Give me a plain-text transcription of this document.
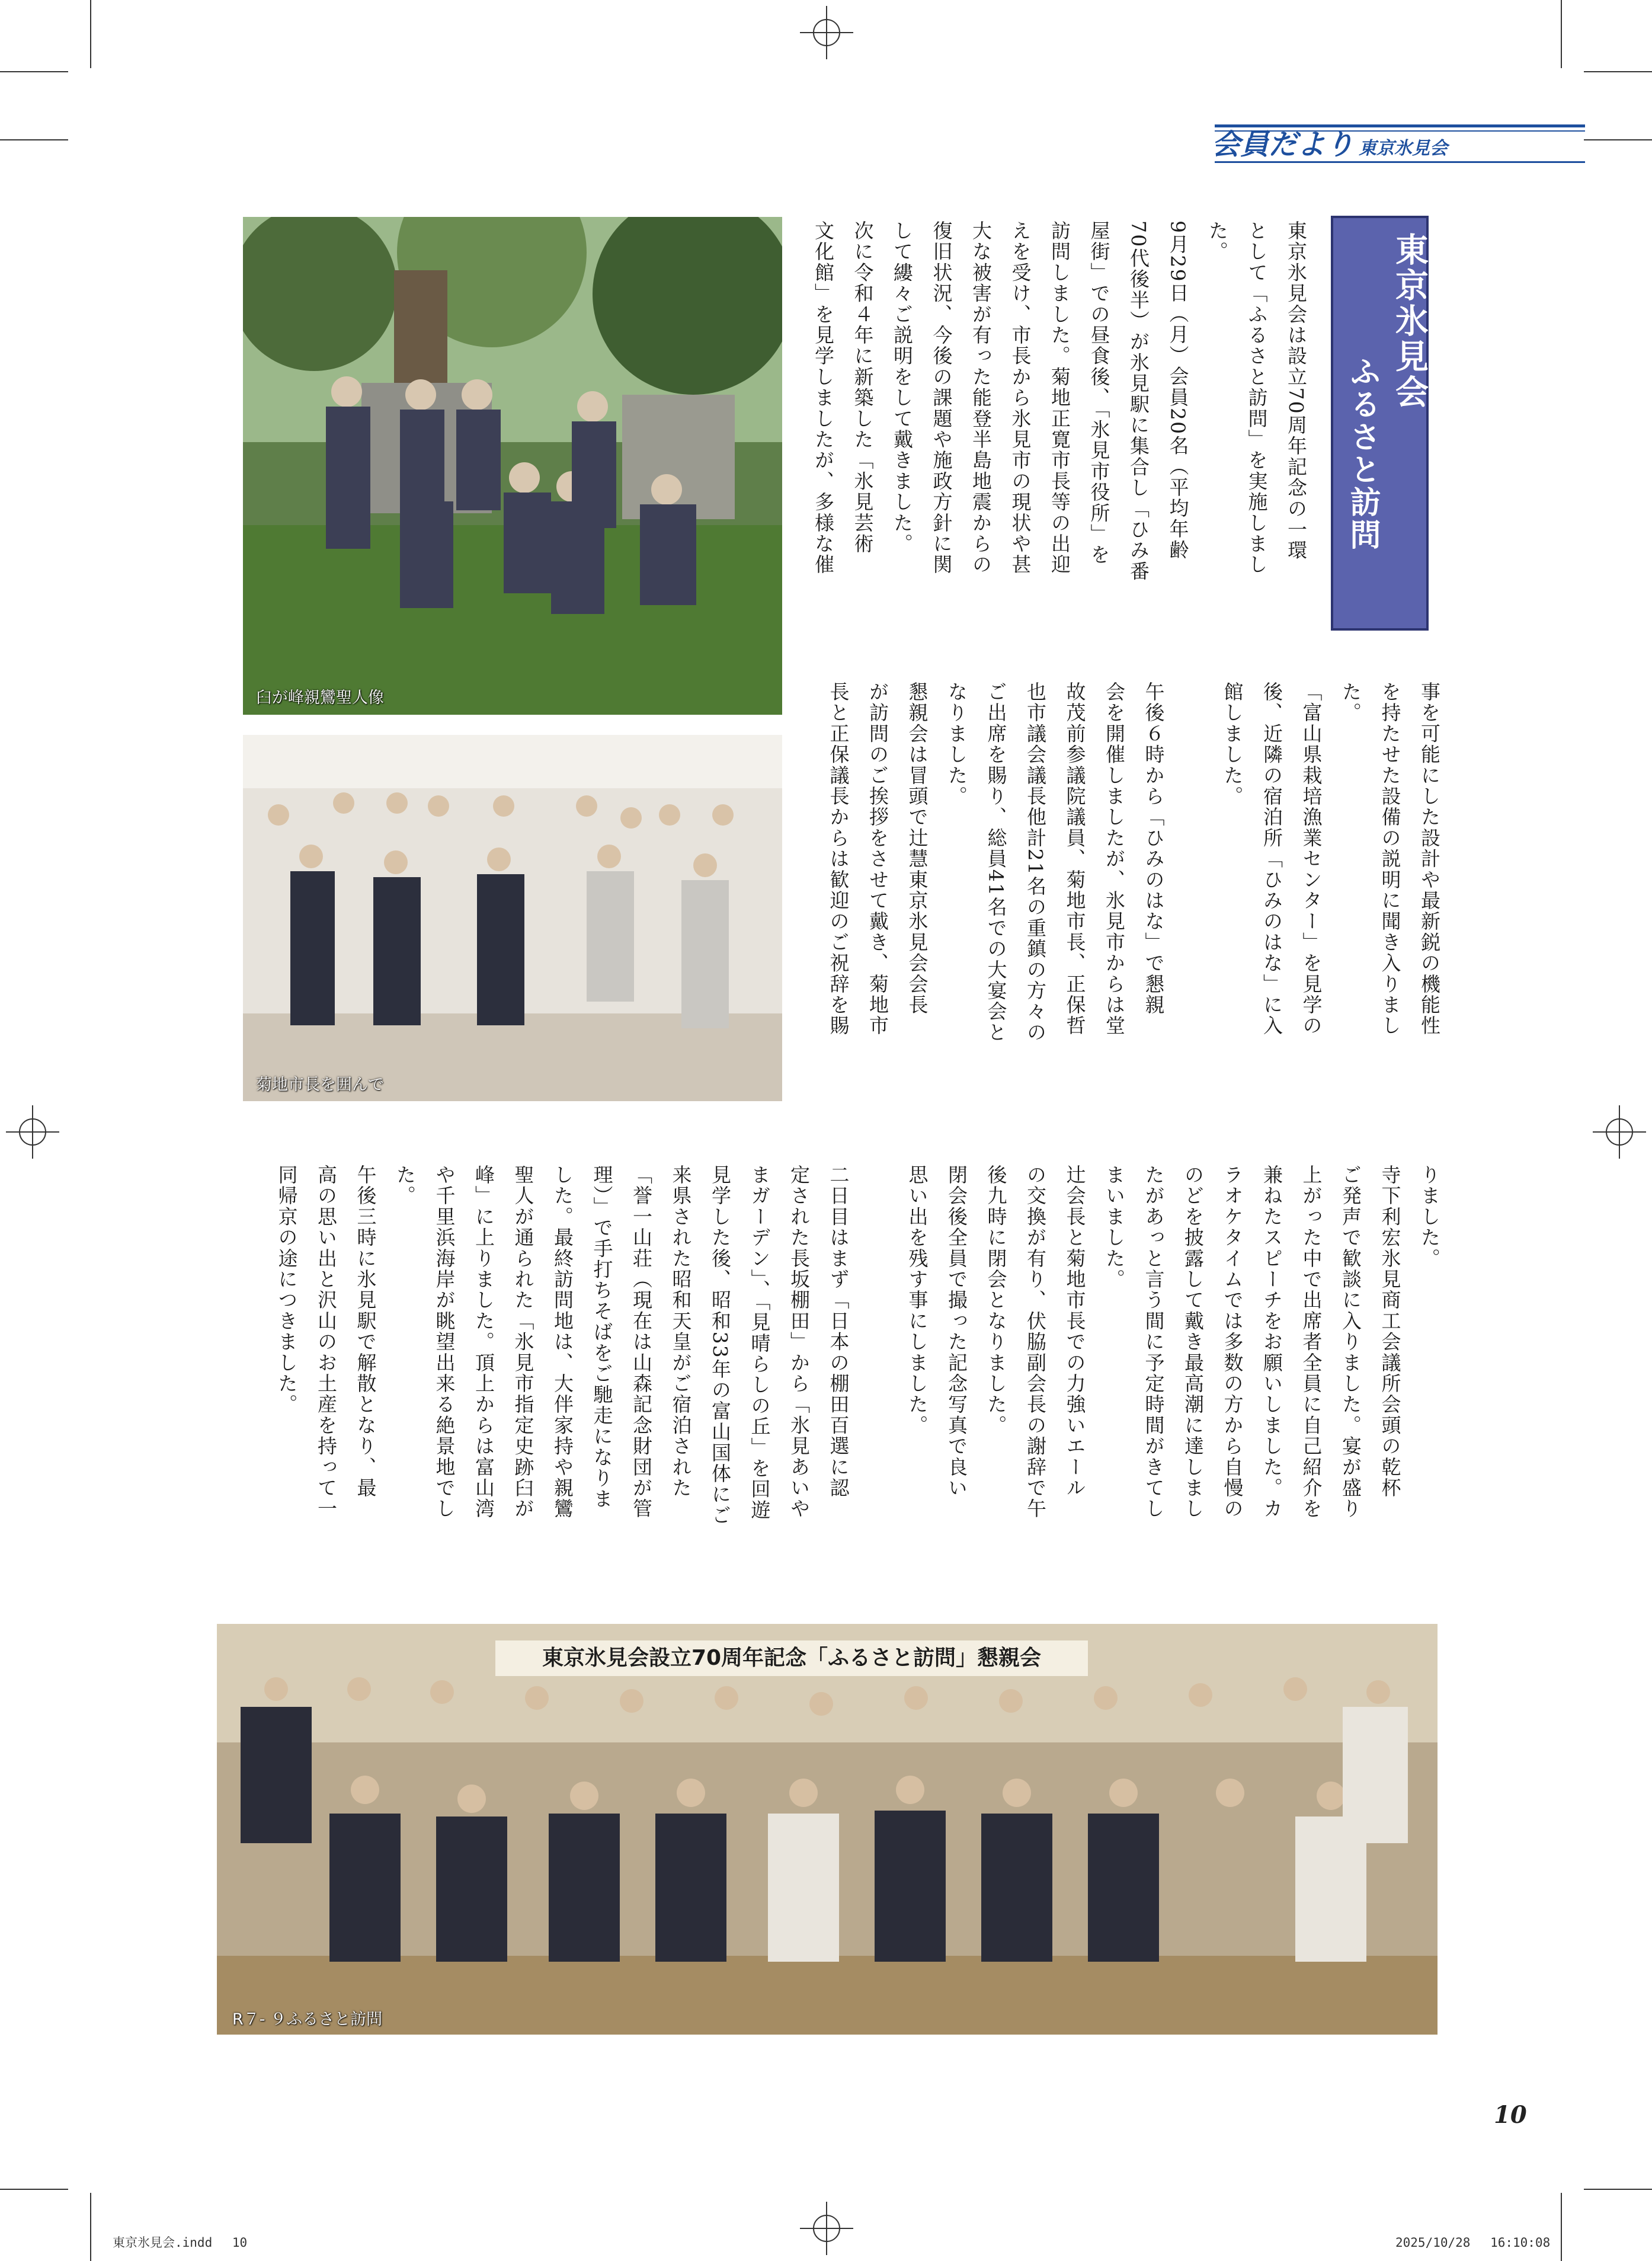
会員だより 東京氷見会
東京氷見会
ふるさと訪問
東京氷見会は設立70周年記念の一環
として「ふるさと訪問」を実施しまし
た。
9月29日（月）会員20名（平均年齢
70代後半）が氷見駅に集合し「ひみ番
屋街」での昼食後、「氷見市役所」を
訪問しました。菊地正寛市長等の出迎
えを受け、市長から氷見市の現状や甚
大な被害が有った能登半島地震からの
復旧状況、今後の課題や施政方針に関
して縷々ご説明をして戴きました。
次に令和４年に新築した「氷見芸術
文化館」を見学しましたが、多様な催
事を可能にした設計や最新鋭の機能性
を持たせた設備の説明に聞き入りまし
た。
「富山県栽培漁業センター」を見学の
後、近隣の宿泊所「ひみのはな」に入
館しました。

午後６時から「ひみのはな」で懇親
会を開催しましたが、氷見市からは堂
故茂前参議院議員、菊地市長、正保哲
也市議会議長他計21名の重鎮の方々の
ご出席を賜り、総員41名での大宴会と
なりました。
懇親会は冒頭で辻慧東京氷見会会長
が訪問のご挨拶をさせて戴き、菊地市
長と正保議長からは歓迎のご祝辞を賜
りました。
寺下利宏氷見商工会議所会頭の乾杯
ご発声で歓談に入りました。宴が盛り
上がった中で出席者全員に自己紹介を
兼ねたスピーチをお願いしました。カ
ラオケタイムでは多数の方から自慢の
のどを披露して戴き最高潮に達しまし
たがあっと言う間に予定時間がきてし
まいました。
辻会長と菊地市長での力強いエール
の交換が有り、伏脇副会長の謝辞で午
後九時に閉会となりました。
閉会後全員で撮った記念写真で良い
思い出を残す事にしました。

二日目はまず「日本の棚田百選に認
定された長坂棚田」から「氷見あいや
まガーデン」、「見晴らしの丘」を回遊
見学した後、昭和33年の富山国体にご
来県された昭和天皇がご宿泊された
「誉一山荘（現在は山森記念財団が管
理）」で手打ちそばをご馳走になりま
した。最終訪問地は、大伴家持や親鸞
聖人が通られた「氷見市指定史跡臼が
峰」に上りました。頂上からは富山湾
や千里浜海岸が眺望出来る絶景地でし
た。
午後三時に氷見駅で解散となり、最
高の思い出と沢山のお土産を持って一
同帰京の途につきました。
臼が峰親鸞聖人像
菊地市長を囲んで
東京氷見会設立70周年記念「ふるさと訪問」懇親会
R７- ９ふるさと訪問
10
東京氷見会.indd　 10	2025/10/28　 16:10:08
